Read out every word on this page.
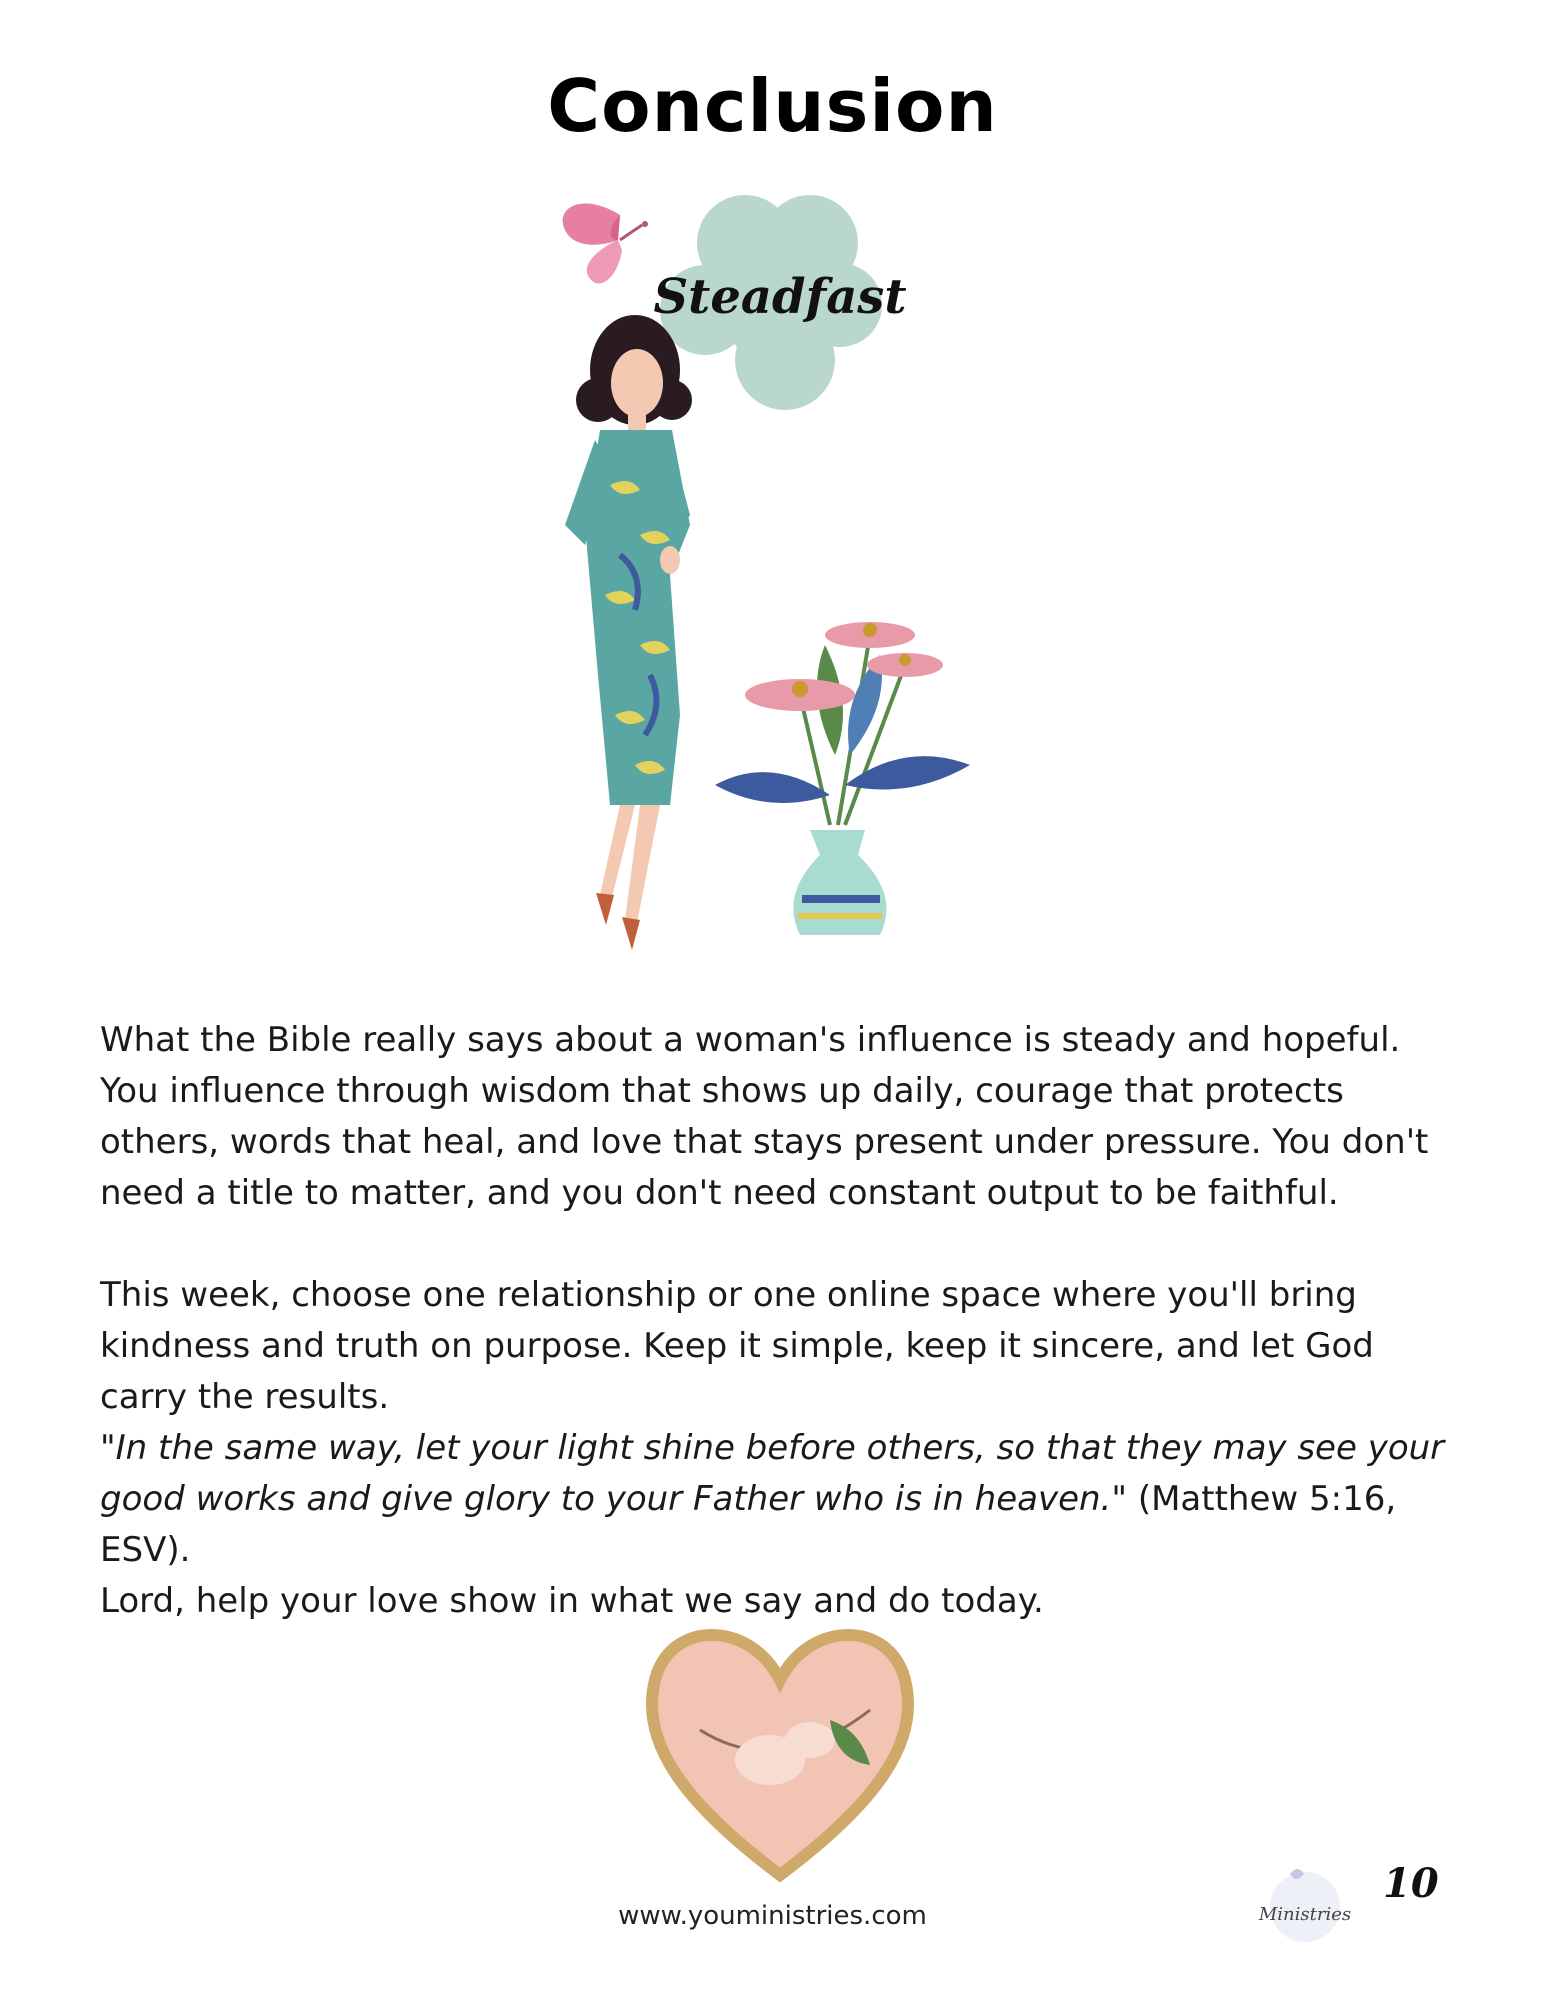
Conclusion
Steadfast

What the Bible really says about a woman's influence is steady and hopeful. You influence through wisdom that shows up daily, courage that protects others, words that heal, and love that stays present under pressure. You don't need a title to matter, and you don't need constant output to be faithful.

This week, choose one relationship or one online space where you'll bring kindness and truth on purpose. Keep it simple, keep it sincere, and let God carry the results.

"In the same way, let your light shine before others, so that they may see your good works and give glory to your Father who is in heaven." (Matthew 5:16, ESV).
Lord, help your love show in what we say and do today.

www.youministries.com	Ministries
10
